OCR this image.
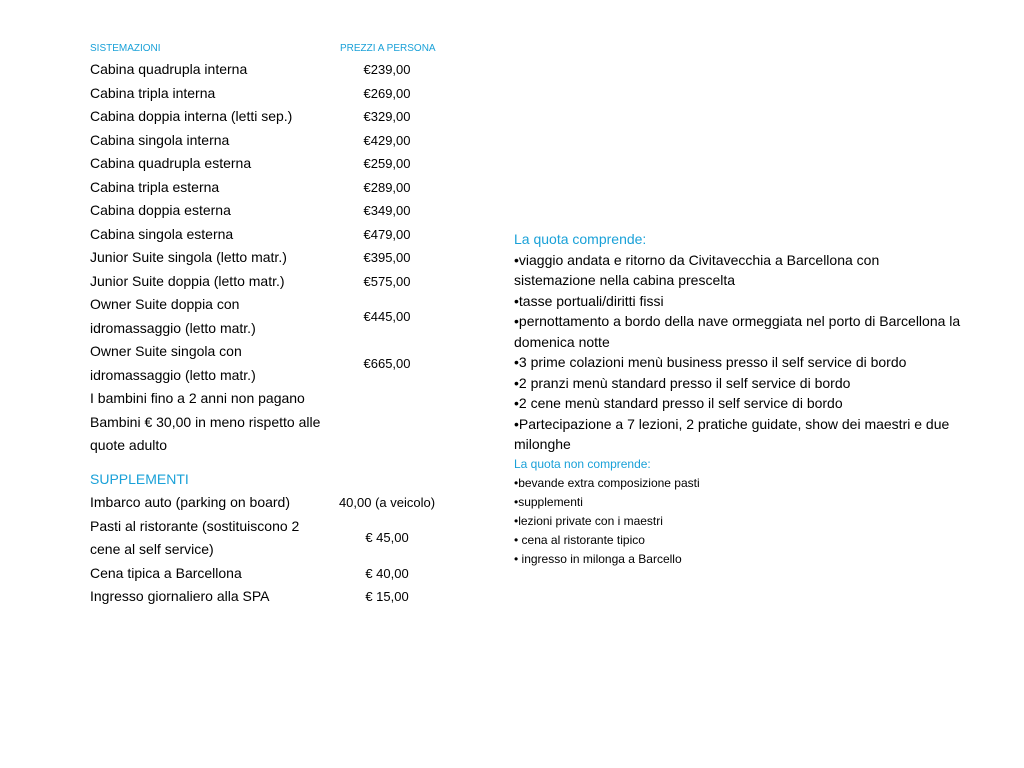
SISTEMAZIONI	PREZZI A PERSONA
Cabina quadrupla interna	€239,00
Cabina tripla interna	€269,00
Cabina doppia interna (letti sep.)	€329,00
Cabina singola interna	€429,00
Cabina quadrupla esterna	€259,00
Cabina tripla esterna	€289,00
Cabina doppia esterna	€349,00
Cabina singola esterna	€479,00
Junior Suite singola (letto matr.)	€395,00
Junior Suite doppia (letto matr.)	€575,00
Owner Suite doppia con idromassaggio (letto matr.)	€445,00
Owner Suite singola con idromassaggio (letto matr.)	€665,00
I bambini fino a 2 anni non pagano	
Bambini € 30,00 in meno rispetto alle quote adulto	
SUPPLEMENTI
Imbarco auto (parking on board)	40,00 (a veicolo)
Pasti al ristorante (sostituiscono 2 cene al self service)	€ 45,00
Cena tipica a Barcellona	€ 40,00
Ingresso giornaliero alla SPA	€ 15,00
La quota comprende:
•viaggio andata e ritorno da Civitavecchia a Barcellona con sistemazione nella cabina prescelta
•tasse portuali/diritti fissi
•pernottamento a bordo della nave ormeggiata nel porto di Barcellona la domenica notte
•3 prime colazioni menù business presso il self service di bordo
•2 pranzi menù standard presso il self service di bordo
•2 cene menù standard presso il self service di bordo
•Partecipazione a 7 lezioni, 2 pratiche guidate, show dei maestri e due milonghe
La quota non comprende:
•bevande extra composizione pasti
•supplementi
•lezioni private con i maestri
• cena al ristorante tipico
• ingresso in milonga a Barcello
